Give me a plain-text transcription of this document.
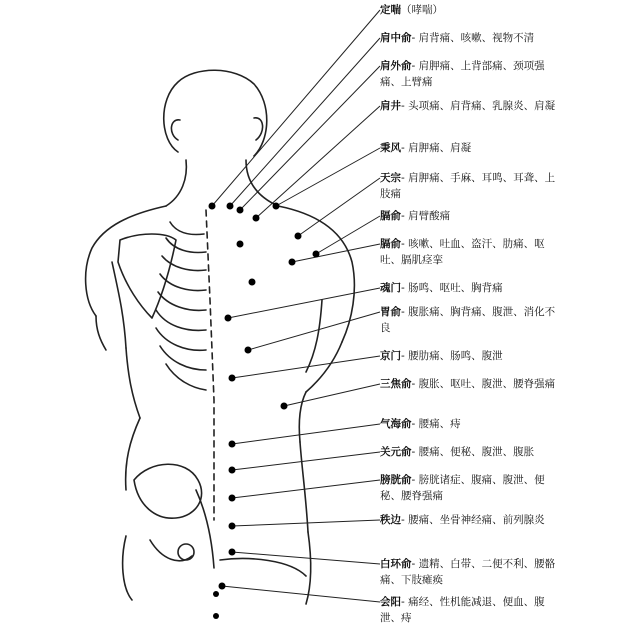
定喘（哮喘）
肩中俞- 肩背痛、咳嗽、视物不清
肩外俞- 肩胛痛、上背部痛、颈项强痛、上臂痛
肩井- 头项痛、肩背痛、乳腺炎、肩凝
秉风- 肩胛痛、肩凝
天宗- 肩胛痛、手麻、耳鸣、耳聋、上肢痛
膈俞- 肩臂酸痛
膈俞- 咳嗽、吐血、盗汗、肋痛、呕吐、膈肌痉挛
魂门- 肠鸣、呕吐、胸背痛
胃俞- 腹胀痛、胸背痛、腹泄、消化不良
京门- 腰肋痛、肠鸣、腹泄
三焦俞- 腹胀、呕吐、腹泄、腰脊强痛
气海俞- 腰痛、痔
关元俞- 腰痛、便秘、腹泄、腹胀
膀胱俞- 膀胱诸症、腹痛、腹泄、便秘、腰脊强痛
秩边- 腰痛、坐骨神经痛、前列腺炎
白环俞- 遗精、白带、二便不利、腰骼痛、下肢瘫痪
会阳- 痛经、性机能减退、便血、腹泄、痔
